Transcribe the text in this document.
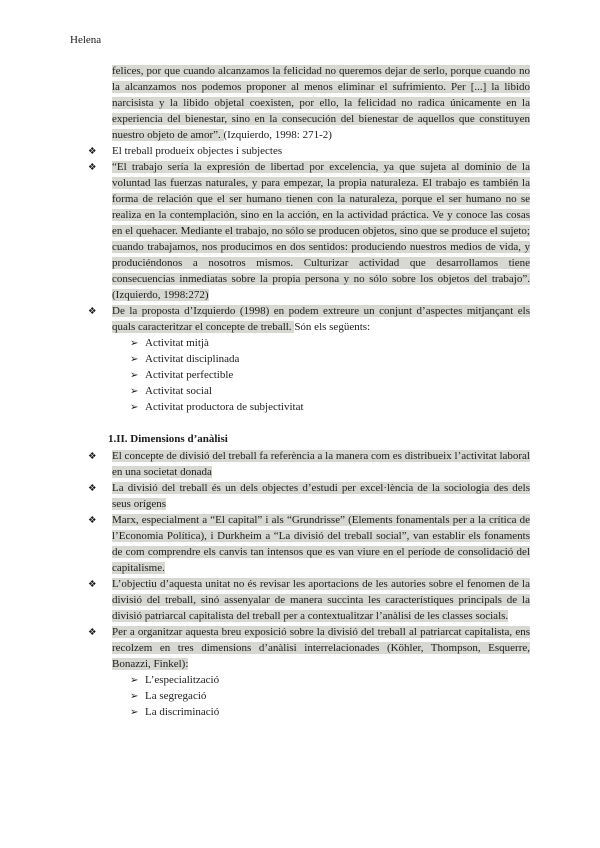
Helena
felices, por que cuando alcanzamos la felicidad no queremos dejar de serlo, porque cuando no la alcanzamos nos podemos proponer al menos eliminar el sufrimiento. Per [...] la libido narcisista y la libido objetal coexisten, por ello, la felicidad no radica únicamente en la experiencia del bienestar, sino en la consecución del bienestar de aquellos que constituyen nuestro objeto de amor”. (Izquierdo, 1998: 271-2)
❖ El treball produeix objectes i subjectes
❖ “El trabajo sería la expresión de libertad por excelencia, ya que sujeta al dominio de la voluntad las fuerzas naturales, y para empezar, la propia naturaleza. El trabajo es también la forma de relación que el ser humano tienen con la naturaleza, porque el ser humano no se realiza en la contemplación, sino en la acción, en la actividad práctica. Ve y conoce las cosas en el quehacer. Mediante el trabajo, no sólo se producen objetos, sino que se produce el sujeto; cuando trabajamos, nos producimos en dos sentidos: produciendo nuestros medios de vida, y produciéndonos a nosotros mismos. Culturizar actividad que desarrollamos tiene consecuencias inmediatas sobre la propia persona y no sólo sobre los objetos del trabajo”. (Izquierdo, 1998:272)
❖ De la proposta d’Izquierdo (1998) en podem extreure un conjunt d’aspectes mitjançant els quals caracteritzar el concepte de treball. Són els següents:
➢ Activitat mitjà
➢ Activitat disciplinada
➢ Activitat perfectible
➢ Activitat social
➢ Activitat productora de subjectivitat
1.II. Dimensions d’anàlisi
❖ El concepte de divisió del treball fa referència a la manera com es distribueix l’activitat laboral en una societat donada
❖ La divisió del treball és un dels objectes d’estudi per excel·lència de la sociologia des dels seus orígens
❖ Marx, especialment a “El capital” i als “Grundrisse” (Elements fonamentals per a la crítica de l’Economia Política), i Durkheim a “La divisió del treball social”, van establir els fonaments de com comprendre els canvis tan intensos que es van viure en el període de consolidació del capitalisme.
❖ L’objectiu d’aquesta unitat no és revisar les aportacions de les autories sobre el fenomen de la divisió del treball, sinó assenyalar de manera succinta les característiques principals de la divisió patriarcal capitalista del treball per a contextualitzar l’anàlisi de les classes socials.
❖ Per a organitzar aquesta breu exposició sobre la divisió del treball al patriarcat capitalista, ens recolzem en tres dimensions d’anàlisi interrelacionades (Köhler, Thompson, Esquerre, Bonazzi, Finkel):
➢ L’especialització
➢ La segregació
➢ La discriminació
